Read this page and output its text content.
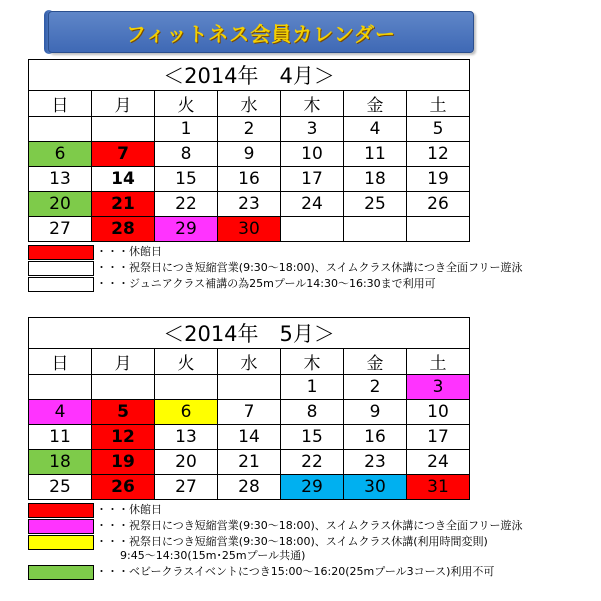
フィットネス会員カレンダー
＜2014年　4月＞						
日	月	火	水	木	金	土
		1	2	3	4	5
6	7	8	9	10	11	12
13	14	15	16	17	18	19
20	21	22	23	24	25	26
27	28	29	30			
・・・休館日
・・・祝祭日につき短縮営業(9:30～18:00)、スイムクラス休講につき全面フリー遊泳
・・・ジュニアクラス補講の為25mプール14:30～16:30まで利用可
＜2014年　5月＞						
日	月	火	水	木	金	土
				1	2	3
4	5	6	7	8	9	10
11	12	13	14	15	16	17
18	19	20	21	22	23	24
25	26	27	28	29	30	31
・・・休館日
・・・祝祭日につき短縮営業(9:30～18:00)、スイムクラス休講につき全面フリー遊泳
・・・祝祭日につき短縮営業(9:30～18:00)、スイムクラス休講(利用時間変則)
9:45～14:30(15m･25mプール共通)
・・・ベビークラスイベントにつき15:00～16:20(25mプール3コース)利用不可
